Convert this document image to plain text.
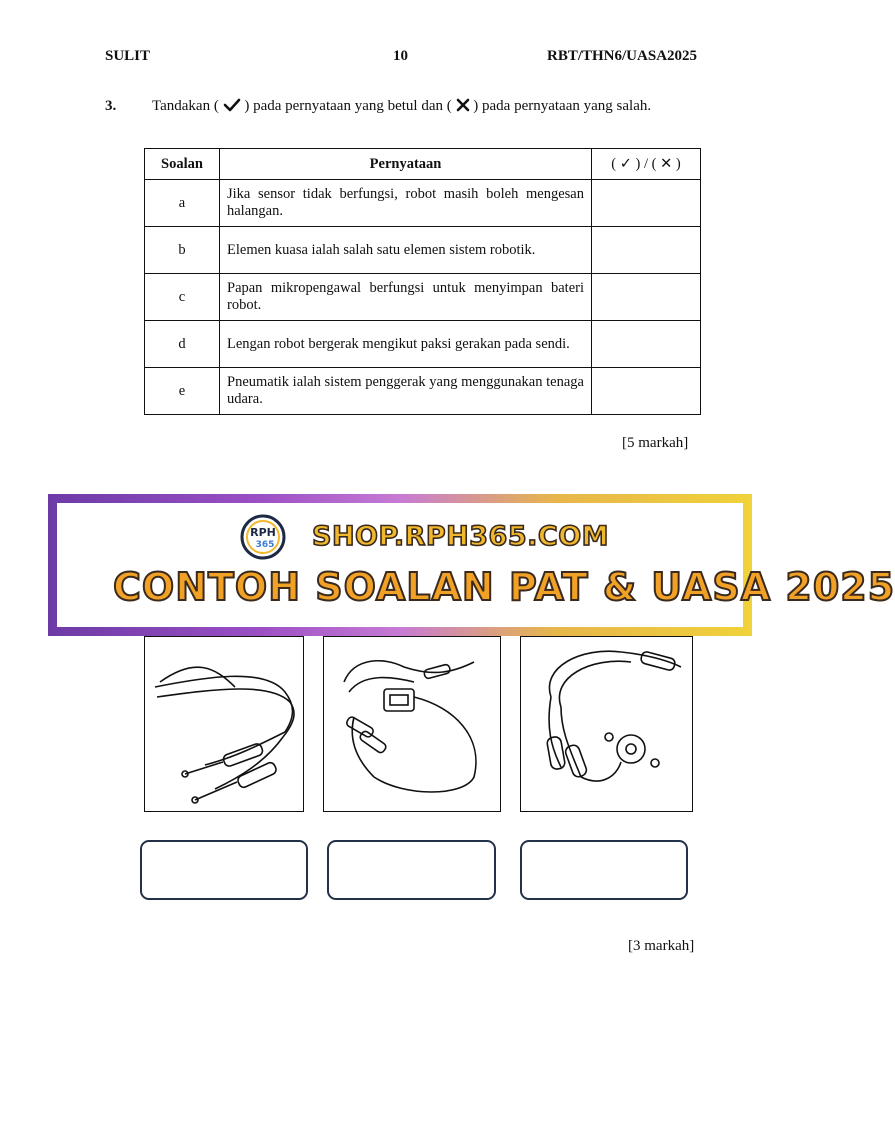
SULIT	10	RBT/THN6/UASA2025
3. Tandakan ( ) pada pernyataan yang betul dan ( ) pada pernyataan yang salah.
Soalan	Pernyataan	( ✓ ) / ( ✕ )
a	Jika sensor tidak berfungsi, robot masih boleh mengesan halangan.	
b	Elemen kuasa ialah salah satu elemen sistem robotik.	
c	Papan mikropengawal berfungsi untuk menyimpan bateri robot.	
d	Lengan robot bergerak mengikut paksi gerakan pada sendi.	
e	Pneumatik ialah sistem penggerak yang menggunakan tenaga udara.	
[5 markah]
RPH
365 SHOP.RPH365.COM
CONTOH SOALAN PAT & UASA 2025
[3 markah]
